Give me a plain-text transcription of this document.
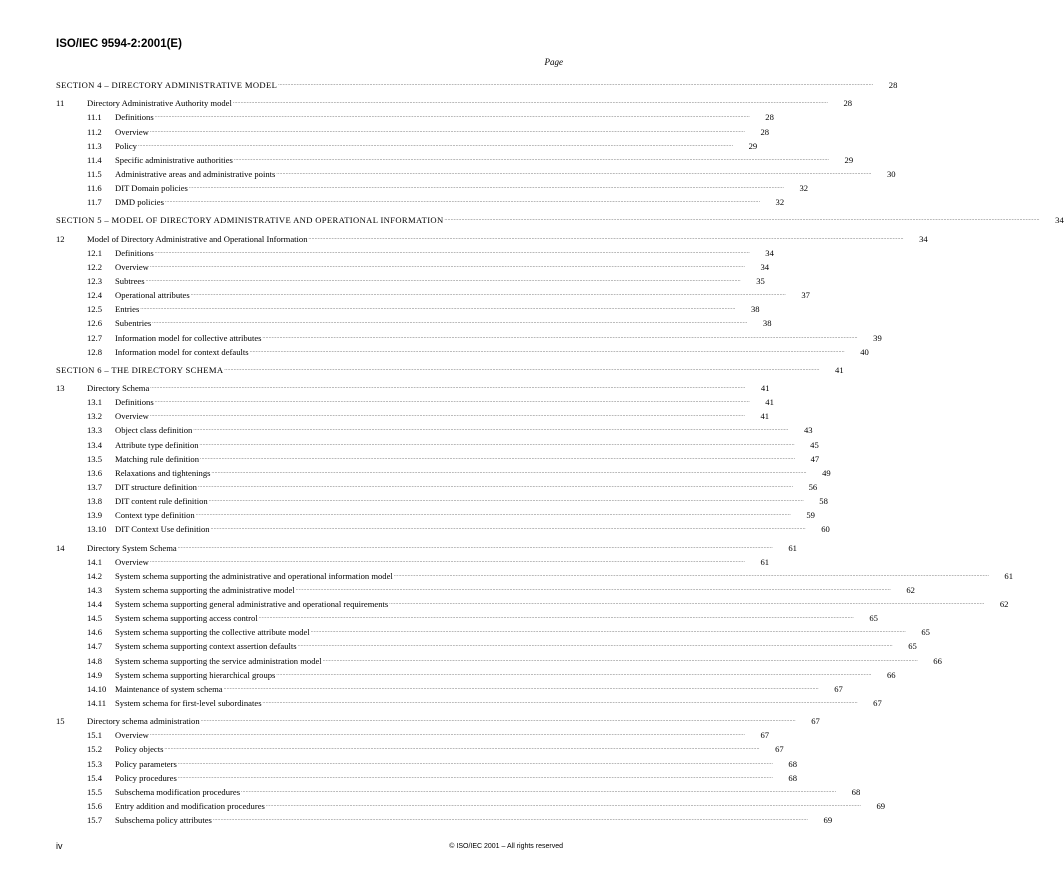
ISO/IEC 9594-2:2001(E)
Page
SECTION 4 – DIRECTORY ADMINISTRATIVE MODEL .....	28
11	Directory Administrative Authority model .....	28
11.1	Definitions .....	28
11.2	Overview .....	28
11.3	Policy .....	29
11.4	Specific administrative authorities .....	29
11.5	Administrative areas and administrative points .....	30
11.6	DIT Domain policies .....	32
11.7	DMD policies .....	32
SECTION 5 – MODEL OF DIRECTORY ADMINISTRATIVE AND OPERATIONAL INFORMATION .....	34
12	Model of Directory Administrative and Operational Information .....	34
12.1	Definitions .....	34
12.2	Overview .....	34
12.3	Subtrees .....	35
12.4	Operational attributes .....	37
12.5	Entries .....	38
12.6	Subentries .....	38
12.7	Information model for collective attributes .....	39
12.8	Information model for context defaults .....	40
SECTION 6 – THE DIRECTORY SCHEMA .....	41
13	Directory Schema .....	41
13.1	Definitions .....	41
13.2	Overview .....	41
13.3	Object class definition .....	43
13.4	Attribute type definition .....	45
13.5	Matching rule definition .....	47
13.6	Relaxations and tightenings .....	49
13.7	DIT structure definition .....	56
13.8	DIT content rule definition .....	58
13.9	Context type definition .....	59
13.10	DIT Context Use definition .....	60
14	Directory System Schema .....	61
14.1	Overview .....	61
14.2	System schema supporting the administrative and operational information model .....	61
14.3	System schema supporting the administrative model .....	62
14.4	System schema supporting general administrative and operational requirements .....	62
14.5	System schema supporting access control .....	65
14.6	System schema supporting the collective attribute model .....	65
14.7	System schema supporting context assertion defaults .....	65
14.8	System schema supporting the service administration model .....	66
14.9	System schema supporting hierarchical groups .....	66
14.10	Maintenance of system schema .....	67
14.11	System schema for first-level subordinates .....	67
15	Directory schema administration .....	67
15.1	Overview .....	67
15.2	Policy objects .....	67
15.3	Policy parameters .....	68
15.4	Policy procedures .....	68
15.5	Subschema modification procedures .....	68
15.6	Entry addition and modification procedures .....	69
15.7	Subschema policy attributes .....	69
iv	© ISO/IEC 2001 – All rights reserved
